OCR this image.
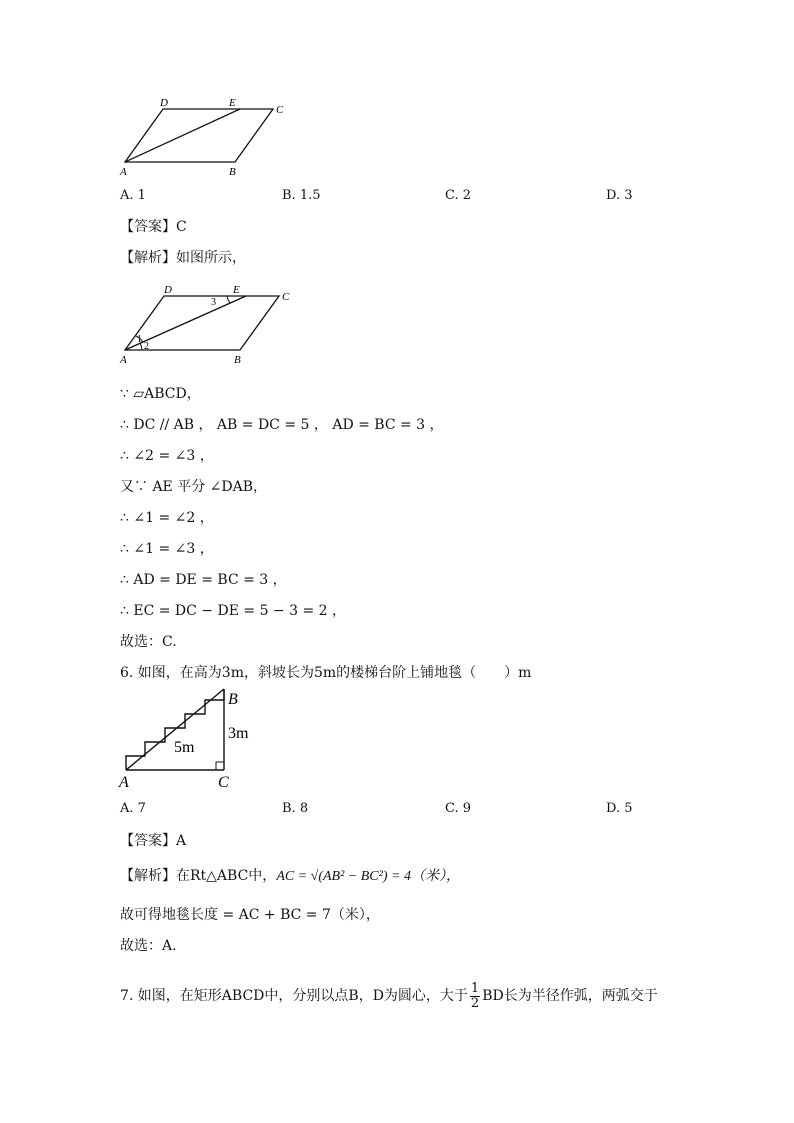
D	E
C
A	B
A. 1	B. 1.5	C. 2	D. 3
【答案】C
【解析】如图所示，
1
2
3
D	E
C
A	B
∵ ▱ABCD，
∴ DC // AB ， AB = DC = 5 ， AD = BC = 3 ，
∴ ∠2 = ∠3 ，
又∵ AE 平分 ∠DAB，
∴ ∠1 = ∠2 ，
∴ ∠1 = ∠3 ，
∴ AD = DE = BC = 3 ，
∴ EC = DC − DE = 5 − 3 = 2 ，
故选：C.
6. 如图，在高为3m，斜坡长为5m的楼梯台阶上铺地毯（　　）m
B
3m
5m
A	C
A. 7	B. 8	C. 9	D. 5
【答案】A
【解析】在Rt△ABC中，AC = √(AB² − BC²) = 4（米），
故可得地毯长度 = AC + BC = 7（米），
故选：A.
7. 如图，在矩形ABCD中，分别以点B，D为圆心，大于 $\frac{1}{2}$ BD长为半径作弧，两弧交于
